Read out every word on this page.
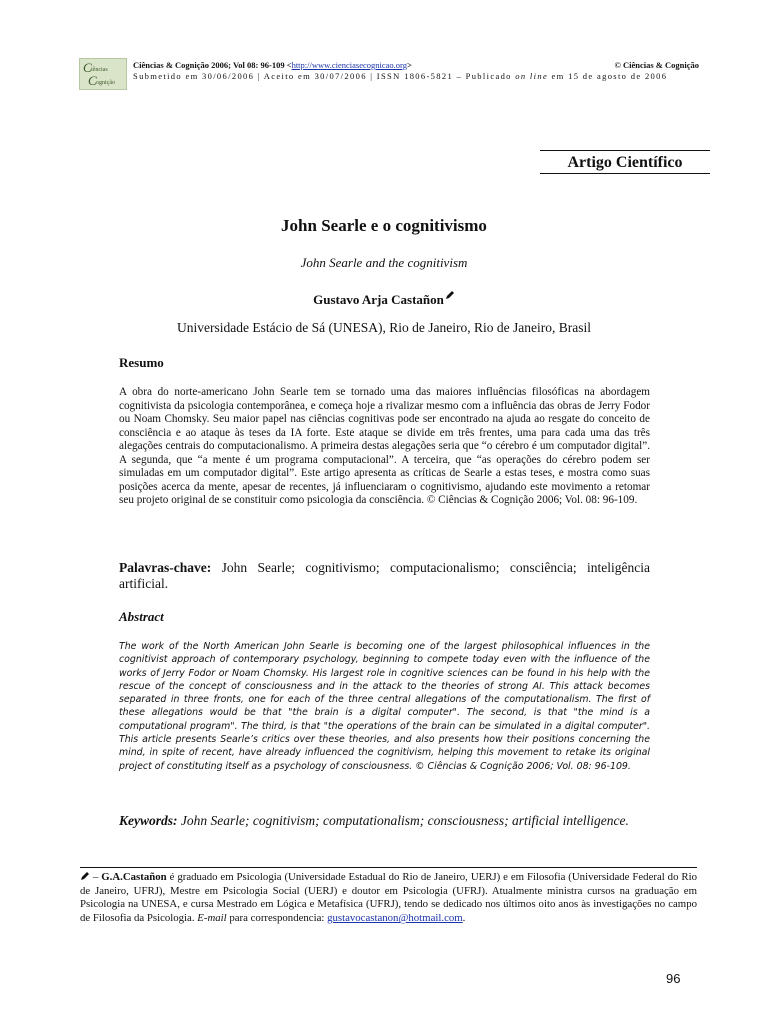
C iências
C ognição
Ciências & Cognição 2006; Vol 08: 96-109 <http://www.cienciasecognicao.org>	© Ciências & Cognição
Submetido em 30/06/2006 | Aceito em 30/07/2006 | ISSN 1806-5821 – Publicado on line em 15 de agosto de 2006
Artigo Científico
John Searle e o cognitivismo
John Searle and the cognitivism
Gustavo Arja Castañon
Universidade Estácio de Sá (UNESA), Rio de Janeiro, Rio de Janeiro, Brasil
Resumo

A obra do norte-americano John Searle tem se tornado uma das maiores influências filosóficas na abordagem cognitivista da psicologia contemporânea, e começa hoje a rivalizar mesmo com a influência das obras de Jerry Fodor ou Noam Chomsky. Seu maior papel nas ciências cognitivas pode ser encontrado na ajuda ao resgate do conceito de consciência e ao ataque às teses da IA forte. Este ataque se divide em três frentes, uma para cada uma das três alegações centrais do computacionalismo. A primeira destas alegações seria que “o cérebro é um computador digital”. A segunda, que “a mente é um programa computacional”. A terceira, que “as operações do cérebro podem ser simuladas em um computador digital”. Este artigo apresenta as críticas de Searle a estas teses, e mostra como suas posições acerca da mente, apesar de recentes, já influenciaram o cognitivismo, ajudando este movimento a retomar seu projeto original de se constituir como psicologia da consciência. © Ciências & Cognição 2006; Vol. 08: 96-109.

Palavras-chave: John Searle; cognitivismo; computacionalismo; consciência; inteligência artificial.

Abstract

The work of the North American John Searle is becoming one of the largest philosophical influences in the cognitivist approach of contemporary psychology, beginning to compete today even with the influence of the works of Jerry Fodor or Noam Chomsky. His largest role in cognitive sciences can be found in his help with the rescue of the concept of consciousness and in the attack to the theories of strong AI. This attack becomes separated in three fronts, one for each of the three central allegations of the computationalism. The first of these allegations would be that "the brain is a digital computer". The second, is that "the mind is a computational program". The third, is that "the operations of the brain can be simulated in a digital computer". This article presents Searle’s critics over these theories, and also presents how their positions concerning the mind, in spite of recent, have already influenced the cognitivism, helping this movement to retake its original project of constituting itself as a psychology of consciousness. © Ciências & Cognição 2006; Vol. 08: 96-109.

Keywords: John Searle; cognitivism; computationalism; consciousness; artificial intelligence.

– G.A.Castañon é graduado em Psicologia (Universidade Estadual do Rio de Janeiro, UERJ) e em Filosofia (Universidade Federal do Rio de Janeiro, UFRJ), Mestre em Psicologia Social (UERJ) e doutor em Psicologia (UFRJ). Atualmente ministra cursos na graduação em Psicologia na UNESA, e cursa Mestrado em Lógica e Metafísica (UFRJ), tendo se dedicado nos últimos oito anos às investigações no campo de Filosofia da Psicologia. E-mail para correspondencia: gustavocastanon@hotmail.com.

96
